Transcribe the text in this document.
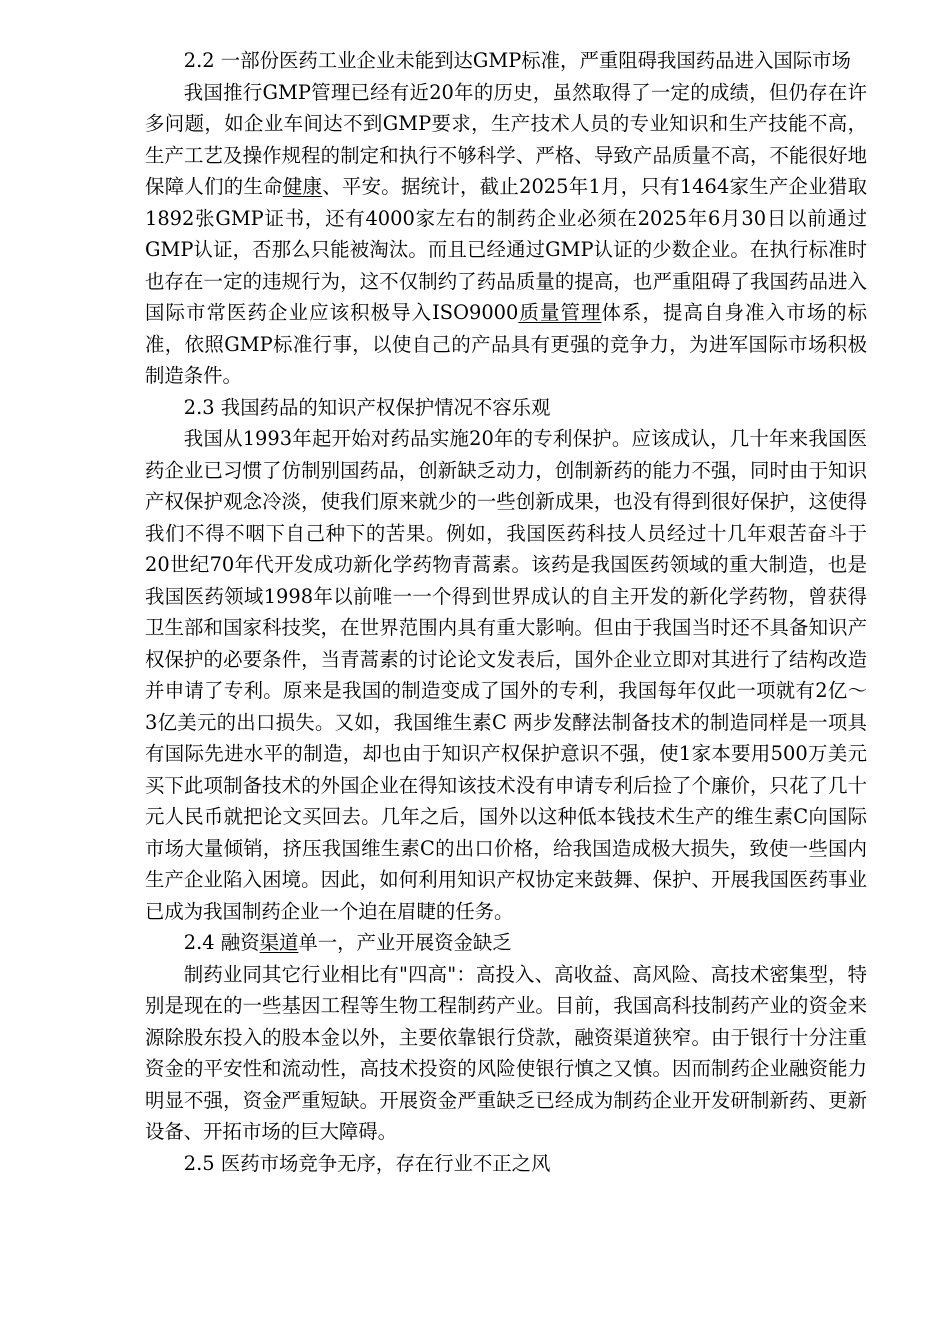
2.2 一部份医药工业企业未能到达GMP标准，严重阻碍我国药品进入国际市场

我国推行GMP管理已经有近20年的历史，虽然取得了一定的成绩，但仍存在许多问题，如企业车间达不到GMP要求，生产技术人员的专业知识和生产技能不高，生产工艺及操作规程的制定和执行不够科学、严格、导致产品质量不高，不能很好地保障人们的生命健康、平安。据统计，截止2025年1月，只有1464家生产企业猎取1892张GMP证书，还有4000家左右的制药企业必须在2025年6月30日以前通过GMP认证，否那么只能被淘汰。而且已经通过GMP认证的少数企业。在执行标准时也存在一定的违规行为，这不仅制约了药品质量的提高，也严重阻碍了我国药品进入国际市常医药企业应该积极导入ISO9000质量管理体系，提高自身准入市场的标准，依照GMP标准行事，以使自己的产品具有更强的竞争力，为进军国际市场积极制造条件。

2.3 我国药品的知识产权保护情况不容乐观

我国从1993年起开始对药品实施20年的专利保护。应该成认，几十年来我国医药企业已习惯了仿制别国药品，创新缺乏动力，创制新药的能力不强，同时由于知识产权保护观念冷淡，使我们原来就少的一些创新成果，也没有得到很好保护，这使得我们不得不咽下自己种下的苦果。例如，我国医药科技人员经过十几年艰苦奋斗于20世纪70年代开发成功新化学药物青蒿素。该药是我国医药领域的重大制造，也是我国医药领域1998年以前唯一一个得到世界成认的自主开发的新化学药物，曾获得卫生部和国家科技奖，在世界范围内具有重大影响。但由于我国当时还不具备知识产权保护的必要条件，当青蒿素的讨论论文发表后，国外企业立即对其进行了结构改造并申请了专利。原来是我国的制造变成了国外的专利，我国每年仅此一项就有2亿～3亿美元的出口损失。又如，我国维生素C 两步发酵法制备技术的制造同样是一项具有国际先进水平的制造，却也由于知识产权保护意识不强，使1家本要用500万美元买下此项制备技术的外国企业在得知该技术没有申请专利后捡了个廉价，只花了几十元人民币就把论文买回去。几年之后，国外以这种低本钱技术生产的维生素C向国际市场大量倾销，挤压我国维生素C的出口价格，给我国造成极大损失，致使一些国内生产企业陷入困境。因此，如何利用知识产权协定来鼓舞、保护、开展我国医药事业已成为我国制药企业一个迫在眉睫的任务。

2.4 融资渠道单一，产业开展资金缺乏

制药业同其它行业相比有"四高"：高投入、高收益、高风险、高技术密集型，特别是现在的一些基因工程等生物工程制药产业。目前，我国高科技制药产业的资金来源除股东投入的股本金以外，主要依靠银行贷款，融资渠道狭窄。由于银行十分注重资金的平安性和流动性，高技术投资的风险使银行慎之又慎。因而制药企业融资能力明显不强，资金严重短缺。开展资金严重缺乏已经成为制药企业开发研制新药、更新设备、开拓市场的巨大障碍。

2.5 医药市场竞争无序，存在行业不正之风
